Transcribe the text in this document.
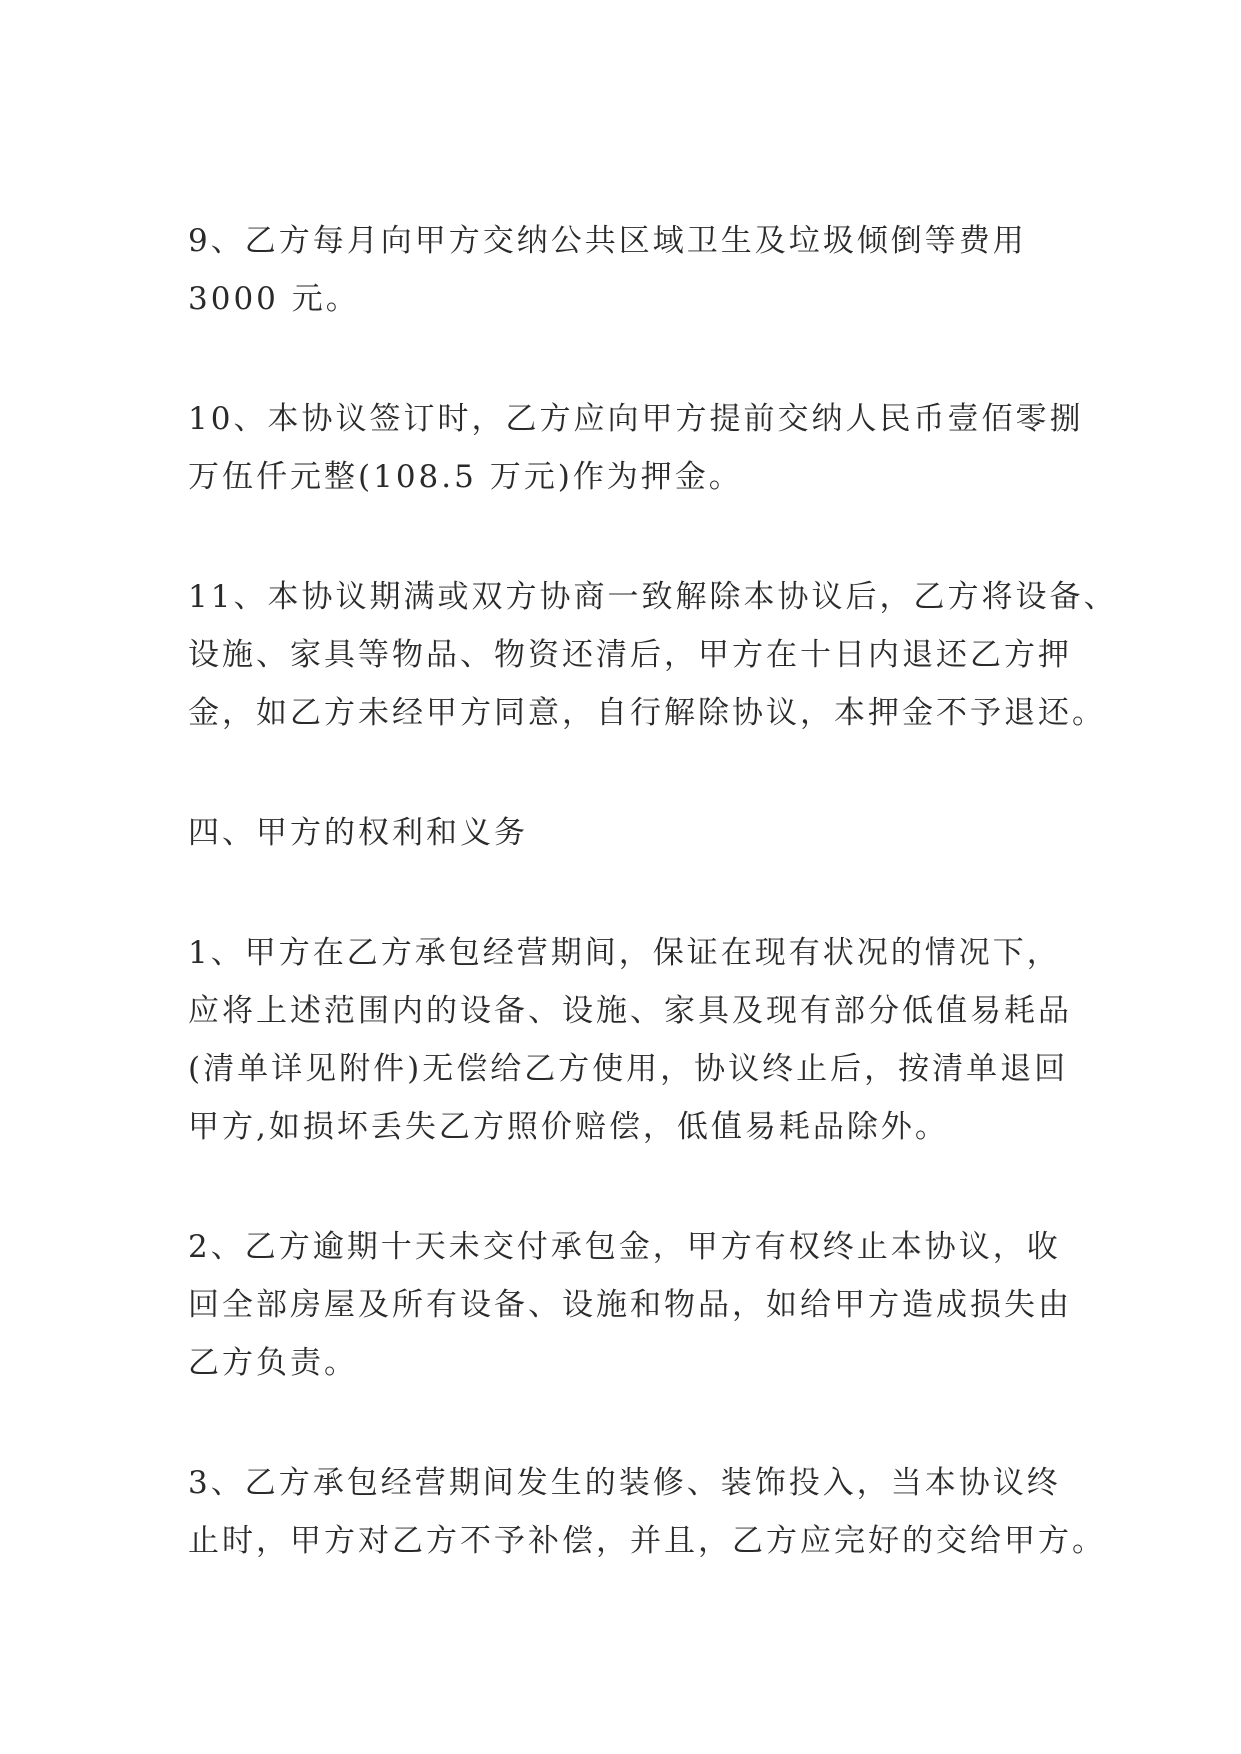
9、乙方每月向甲方交纳公共区域卫生及垃圾倾倒等费用
3000 元。

10、本协议签订时，乙方应向甲方提前交纳人民币壹佰零捌
万伍仟元整(108.5 万元)作为押金。

11、本协议期满或双方协商一致解除本协议后，乙方将设备、
设施、家具等物品、物资还清后，甲方在十日内退还乙方押
金，如乙方未经甲方同意，自行解除协议，本押金不予退还。

四、甲方的权利和义务

1、甲方在乙方承包经营期间，保证在现有状况的情况下，
应将上述范围内的设备、设施、家具及现有部分低值易耗品
(清单详见附件)无偿给乙方使用，协议终止后，按清单退回
甲方,如损坏丢失乙方照价赔偿，低值易耗品除外。

2、乙方逾期十天未交付承包金，甲方有权终止本协议，收
回全部房屋及所有设备、设施和物品，如给甲方造成损失由
乙方负责。

3、乙方承包经营期间发生的装修、装饰投入，当本协议终
止时，甲方对乙方不予补偿，并且，乙方应完好的交给甲方。
